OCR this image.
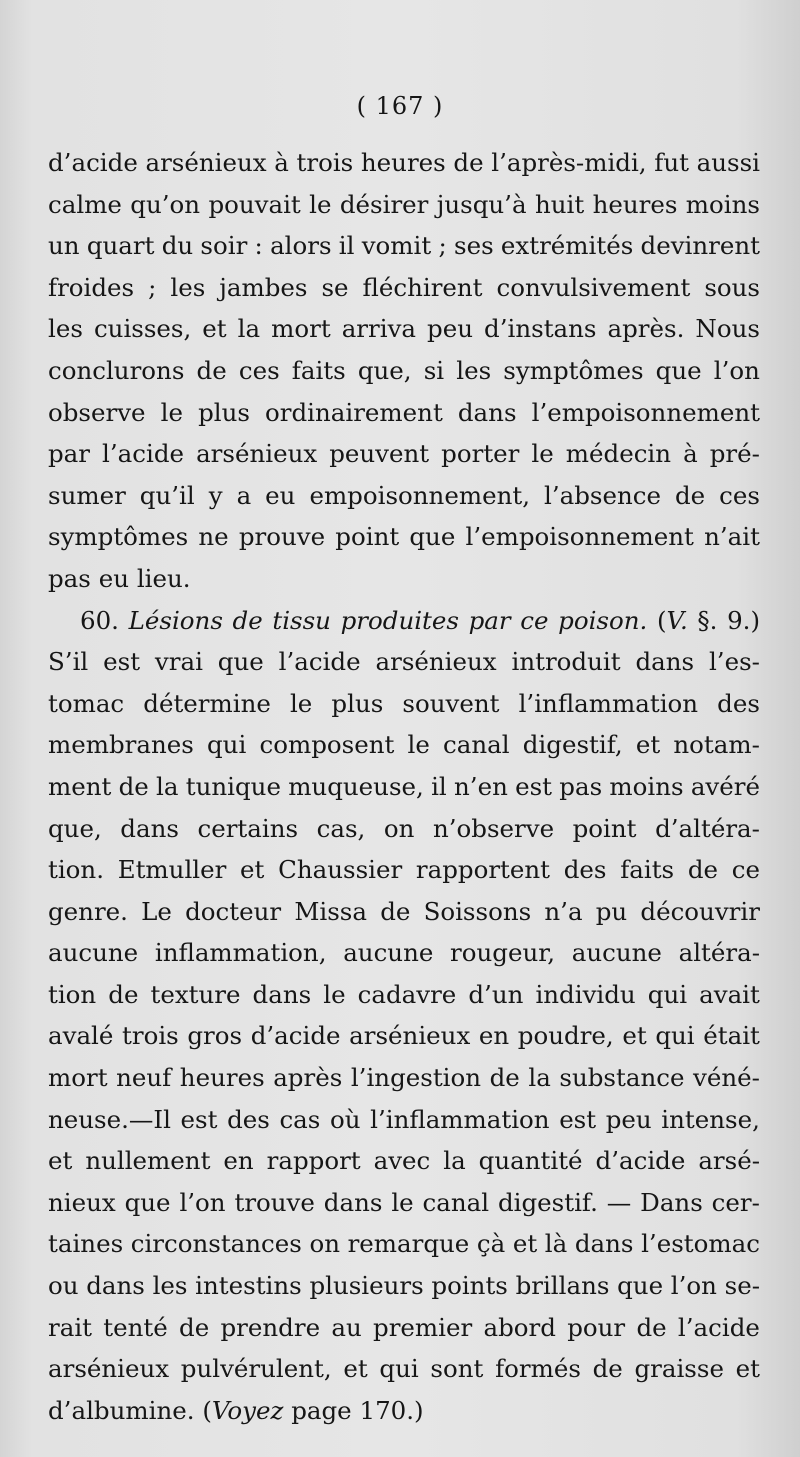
( 167 )
d’acide arsénieux à trois heures de l’après-midi, fut aussi
calme qu’on pouvait le désirer jusqu’à huit heures moins
un quart du soir : alors il vomit ; ses extrémités devinrent
froides ; les jambes se fléchirent convulsivement sous
les cuisses, et la mort arriva peu d’instans après. Nous
conclurons de ces faits que, si les symptômes que l’on
observe le plus ordinairement dans l’empoisonnement
par l’acide arsénieux peuvent porter le médecin à pré-
sumer qu’il y a eu empoisonnement, l’absence de ces
symptômes ne prouve point que l’empoisonnement n’ait
pas eu lieu.
60. Lésions de tissu produites par ce poison. (V. §. 9.)
S’il est vrai que l’acide arsénieux introduit dans l’es-
tomac détermine le plus souvent l’inflammation des
membranes qui composent le canal digestif, et notam-
ment de la tunique muqueuse, il n’en est pas moins avéré
que, dans certains cas, on n’observe point d’altéra-
tion. Etmuller et Chaussier rapportent des faits de ce
genre. Le docteur Missa de Soissons n’a pu découvrir
aucune inflammation, aucune rougeur, aucune altéra-
tion de texture dans le cadavre d’un individu qui avait
avalé trois gros d’acide arsénieux en poudre, et qui était
mort neuf heures après l’ingestion de la substance véné-
neuse.—Il est des cas où l’inflammation est peu intense,
et nullement en rapport avec la quantité d’acide arsé-
nieux que l’on trouve dans le canal digestif. — Dans cer-
taines circonstances on remarque çà et là dans l’estomac
ou dans les intestins plusieurs points brillans que l’on se-
rait tenté de prendre au premier abord pour de l’acide
arsénieux pulvérulent, et qui sont formés de graisse et
d’albumine. (Voyez page 170.)
